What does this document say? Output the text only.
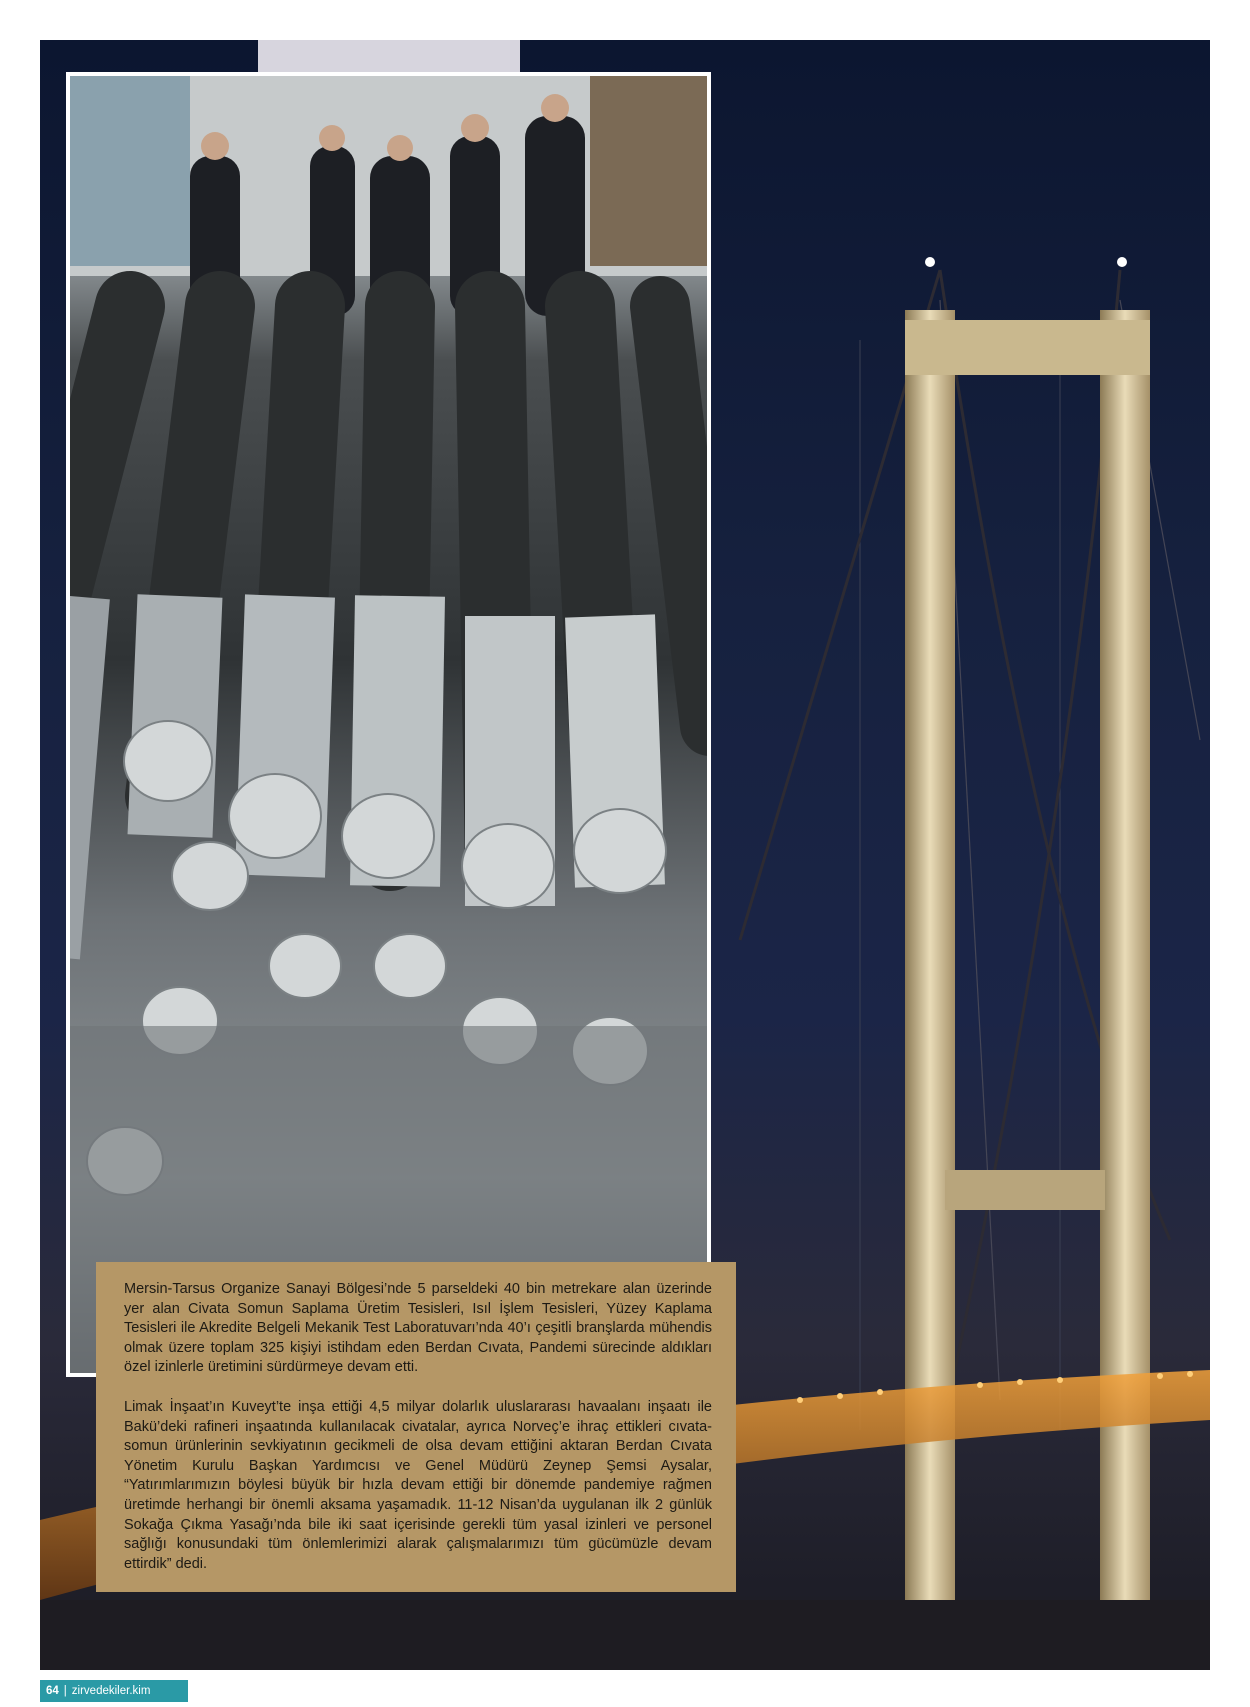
Mersin-Tarsus Organize Sanayi Bölgesi’nde 5 parseldeki 40 bin metrekare alan üzerinde yer alan Civata Somun Saplama Üretim Tesisleri, Isıl İşlem Tesisleri, Yüzey Kaplama Tesisleri ile Akredite Belgeli Mekanik Test Laboratuvarı’nda 40’ı çeşitli branşlarda mühendis olmak üzere toplam 325 kişiyi istihdam eden Berdan Cıvata, Pandemi sürecinde aldıkları özel izinlerle üretimini sürdürmeye devam etti.

Limak İnşaat’ın Kuveyt’te inşa ettiği 4,5 milyar dolarlık uluslararası havaalanı inşaatı ile Bakü’deki rafineri inşaatında kullanılacak civatalar, ayrıca Norveç’e ihraç ettikleri cıvata-somun ürünlerinin sevkiyatının gecikmeli de olsa devam ettiğini aktaran Berdan Cıvata Yönetim Kurulu Başkan Yardımcısı ve Genel Müdürü Zeynep Şemsi Aysalar, “Yatırımlarımızın böylesi büyük bir hızla devam ettiği bir dönemde pandemiye rağmen üretimde herhangi bir önemli aksama yaşamadık. 11-12 Nisan’da uygulanan ilk 2 günlük Sokağa Çıkma Yasağı’nda bile iki saat içerisinde gerekli tüm yasal izinleri ve personel sağlığı konusundaki tüm önlemlerimizi alarak çalışmalarımızı tüm gücümüzle devam ettirdik” dedi.

64 | zirvedekiler.kim
